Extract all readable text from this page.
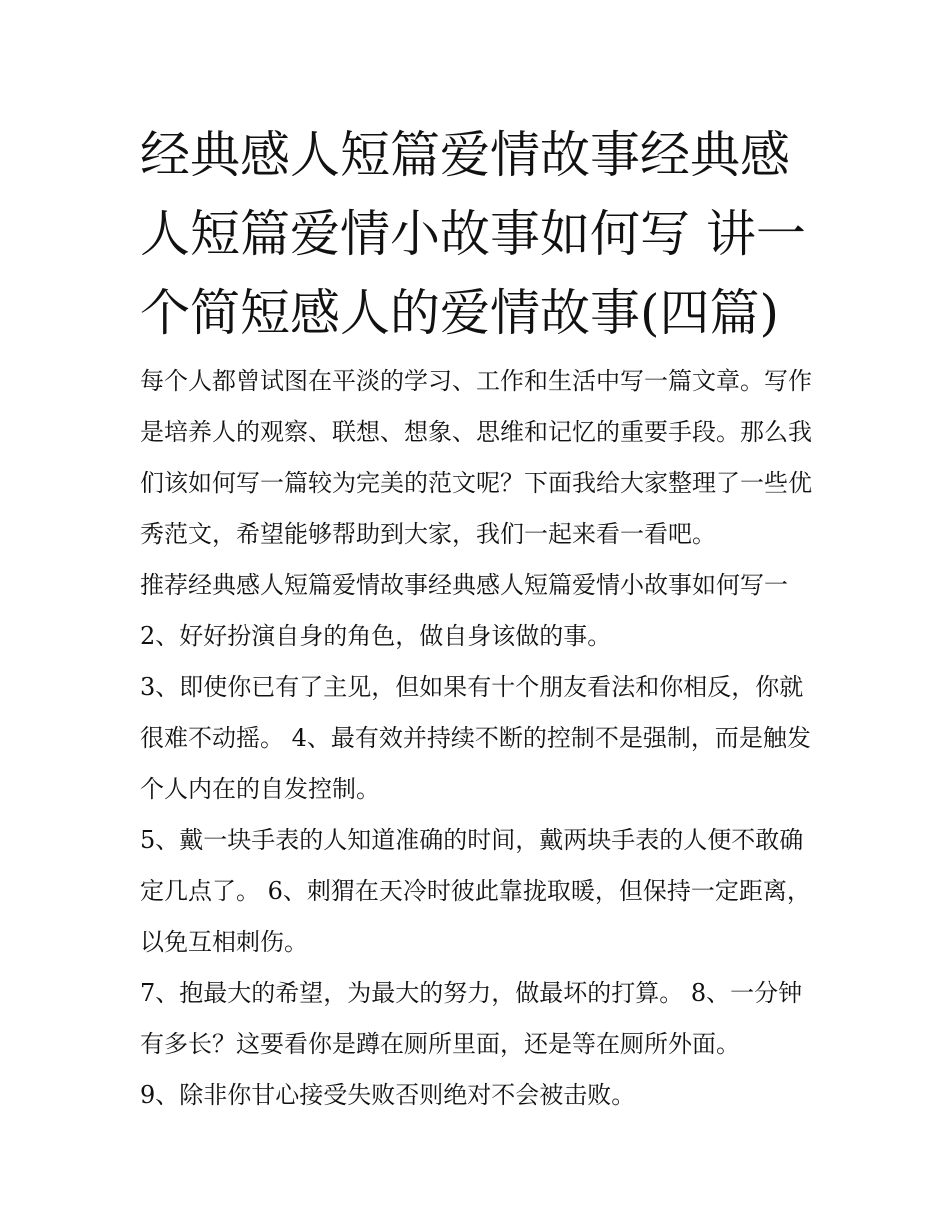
经典感人短篇爱情故事经典感人短篇爱情小故事如何写 讲一个简短感人的爱情故事(四篇)

每个人都曾试图在平淡的学习、工作和生活中写一篇文章。写作是培养人的观察、联想、想象、思维和记忆的重要手段。那么我们该如何写一篇较为完美的范文呢？下面我给大家整理了一些优秀范文，希望能够帮助到大家，我们一起来看一看吧。

推荐经典感人短篇爱情故事经典感人短篇爱情小故事如何写一

2、好好扮演自身的角色，做自身该做的事。

3、即使你已有了主见，但如果有十个朋友看法和你相反，你就很难不动摇。 4、最有效并持续不断的控制不是强制，而是触发个人内在的自发控制。

5、戴一块手表的人知道准确的时间，戴两块手表的人便不敢确定几点了。 6、刺猬在天冷时彼此靠拢取暖，但保持一定距离，以免互相刺伤。

7、抱最大的希望，为最大的努力，做最坏的打算。 8、一分钟有多长？这要看你是蹲在厕所里面，还是等在厕所外面。

9、除非你甘心接受失败否则绝对不会被击败。
